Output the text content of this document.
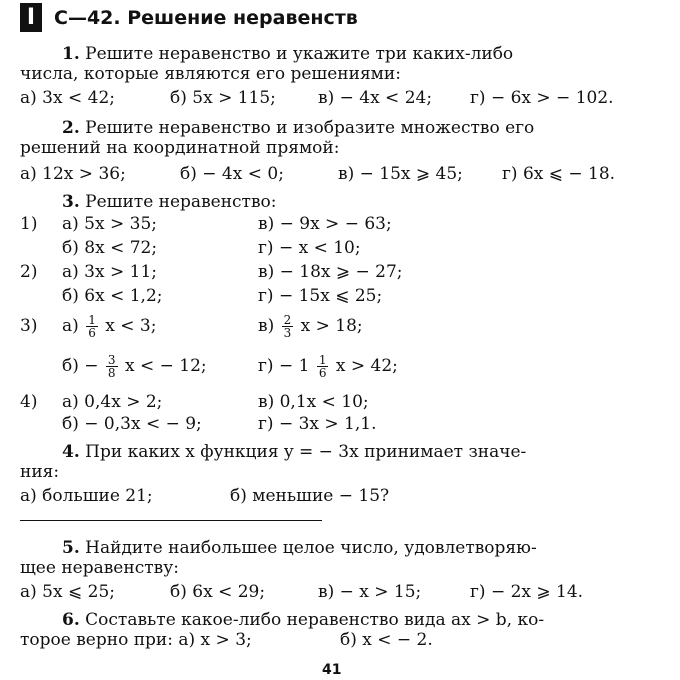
I С—42. Решение неравенств
1. Решите неравенство и укажите три каких-либо
числа, которые являются его решениями:
а) 3x < 42;	б) 5x > 115; в) − 4x < 24; г) − 6x > − 102.
2. Решите неравенство и изобразите множество его
решений на координатной прямой:
а) 12x > 36;	б) − 4x < 0;	в) − 15x ⩾ 45; г) 6x ⩽ − 18.
3. Решите неравенство:
1) а) 5x > 35;	в) − 9x > − 63;
б) 8x < 72;	г) − x < 10;
2) а) 3x > 11;	в) − 18x ⩾ − 27;
б) 6x < 1,2;	г) − 15x ⩽ 25;
3) $а) \frac{1}{6}$ x < 3;	$в) \frac{2}{3}$ x > 18;
$б) - \frac{3}{8}$ x < − 12;	$г) - 1 \frac{1}{6}$ x > 42;
4) а) 0,4x > 2;	в) 0,1x < 10;
б) − 0,3x < − 9;	г) − 3x > 1,1.
4. При каких x функция y = − 3x принимает значе-
ния:
а) большие 21;	б) меньшие − 15?
5. Найдите наибольшее целое число, удовлетворяю-
щее неравенству:
а) 5x ⩽ 25;	б) 6x < 29;	в) − x > 15;	г) − 2x ⩾ 14.
6. Составьте какое-либо неравенство вида ax > b, ко-
торое верно при: а) x > 3;	б) x < − 2.
41
